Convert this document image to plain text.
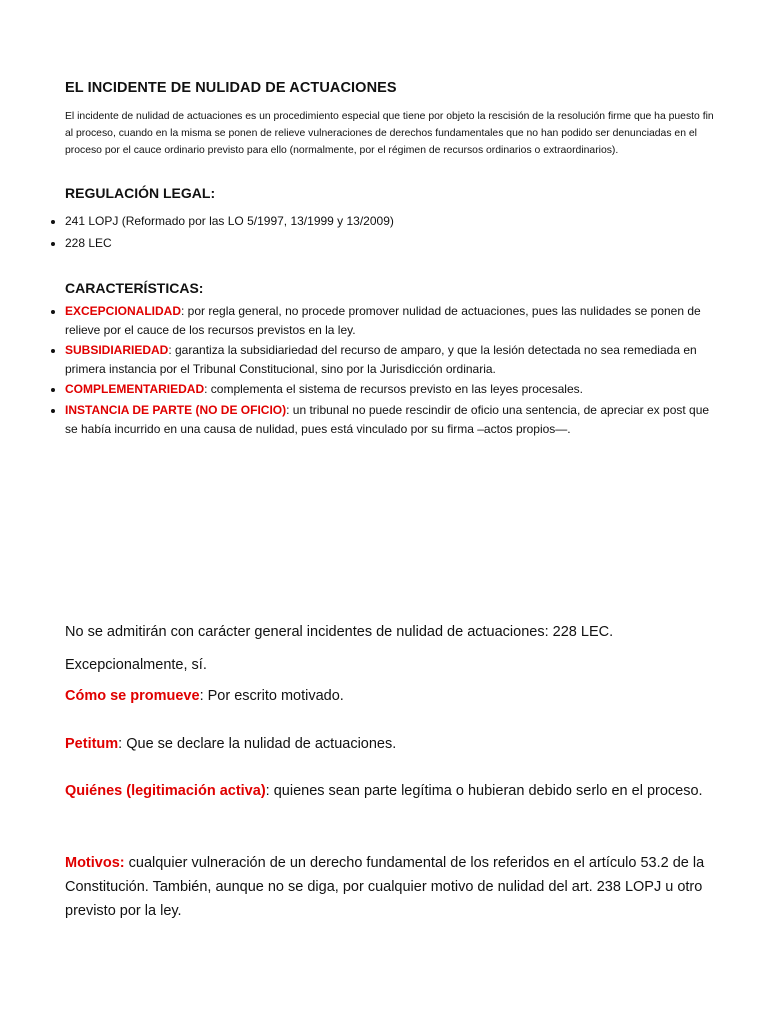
EL INCIDENTE DE NULIDAD DE ACTUACIONES

El incidente de nulidad de actuaciones es un procedimiento especial que tiene por objeto la rescisión de la resolución firme que ha puesto fin al proceso, cuando en la misma se ponen de relieve vulneraciones de derechos fundamentales que no han podido ser denunciadas en el proceso por el cauce ordinario previsto para ello (normalmente, por el régimen de recursos ordinarios o extraordinarios).

REGULACIÓN LEGAL:
• 241 LOPJ (Reformado por las LO 5/1997, 13/1999 y 13/2009)
• 228 LEC
CARACTERÍSTICAS:
• EXCEPCIONALIDAD: por regla general, no procede promover nulidad de actuaciones, pues las nulidades se ponen de relieve por el cauce de los recursos previstos en la ley.
• SUBSIDIARIEDAD: garantiza la subsidiariedad del recurso de amparo, y que la lesión detectada no sea remediada en primera instancia por el Tribunal Constitucional, sino por la Jurisdicción ordinaria.
• COMPLEMENTARIEDAD: complementa el sistema de recursos previsto en las leyes procesales.
• INSTANCIA DE PARTE (NO DE OFICIO): un tribunal no puede rescindir de oficio una sentencia, de apreciar ex post que se había incurrido en una causa de nulidad, pues está vinculado por su firma –actos propios—.

No se admitirán con carácter general incidentes de nulidad de actuaciones: 228 LEC.

Excepcionalmente, sí.

Cómo se promueve: Por escrito motivado.

Petitum: Que se declare la nulidad de actuaciones.

Quiénes (legitimación activa): quienes sean parte legítima o hubieran debido serlo en el proceso.

Motivos: cualquier vulneración de un derecho fundamental de los referidos en el artículo 53.2 de la Constitución. También, aunque no se diga, por cualquier motivo de nulidad del art. 238 LOPJ u otro previsto por la ley.
